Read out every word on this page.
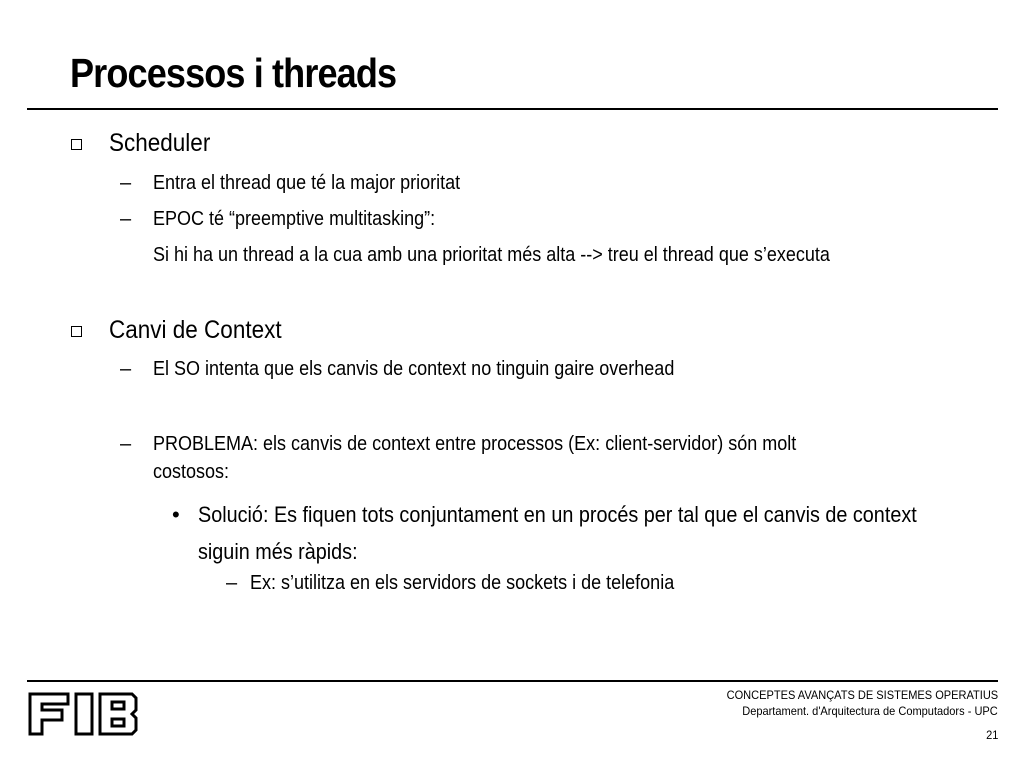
Processos i threads
Scheduler
– Entra el thread que té la major prioritat
– EPOC té “preemptive multitasking”:
Si hi ha un thread a la cua amb una prioritat més alta --> treu el thread que s’executa
Canvi de Context
– El SO intenta que els canvis de context no tinguin gaire overhead
– PROBLEMA: els canvis de context entre processos (Ex: client-servidor) són molt
costosos:
• Solució: Es fiquen tots conjuntament en un procés per tal que el canvis de context
siguin més ràpids:
– Ex: s’utilitza en els servidors de sockets i de telefonia
CONCEPTES AVANÇATS DE SISTEMES OPERATIUS
Departament. d'Arquitectura de Computadors - UPC
21
